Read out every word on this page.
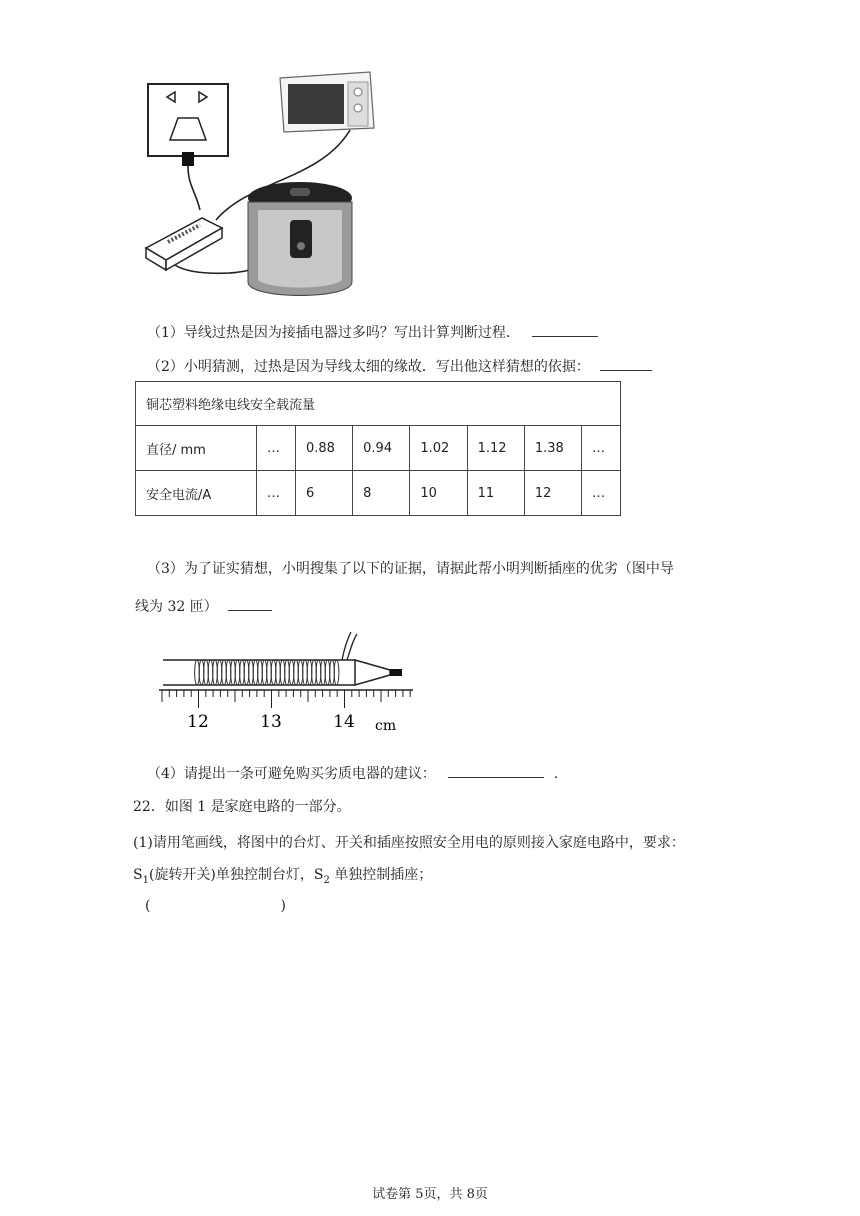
（1）导线过热是因为接插电器过多吗？写出计算判断过程．
（2）小明猜测，过热是因为导线太细的缘故．写出他这样猜想的依据：
铜芯塑料绝缘电线安全载流量							
直径/ mm	…	0.88	0.94	1.02	1.12	1.38	…
安全电流/A	…	6	8	10	11	12	…
（3）为了证实猜想，小明搜集了以下的证据，请据此帮小明判断插座的优劣（图中导
线为 32 匝）
12	13	14 cm
（4）请提出一条可避免购买劣质电器的建议：	.
22．如图 1 是家庭电路的一部分。
(1)请用笔画线，将图中的台灯、开关和插座按照安全用电的原则接入家庭电路中，要求：
$S_1$(旋转开关)单独控制台灯，$S_2$ 单独控制插座；
(	)
试卷第 5页，共 8页
